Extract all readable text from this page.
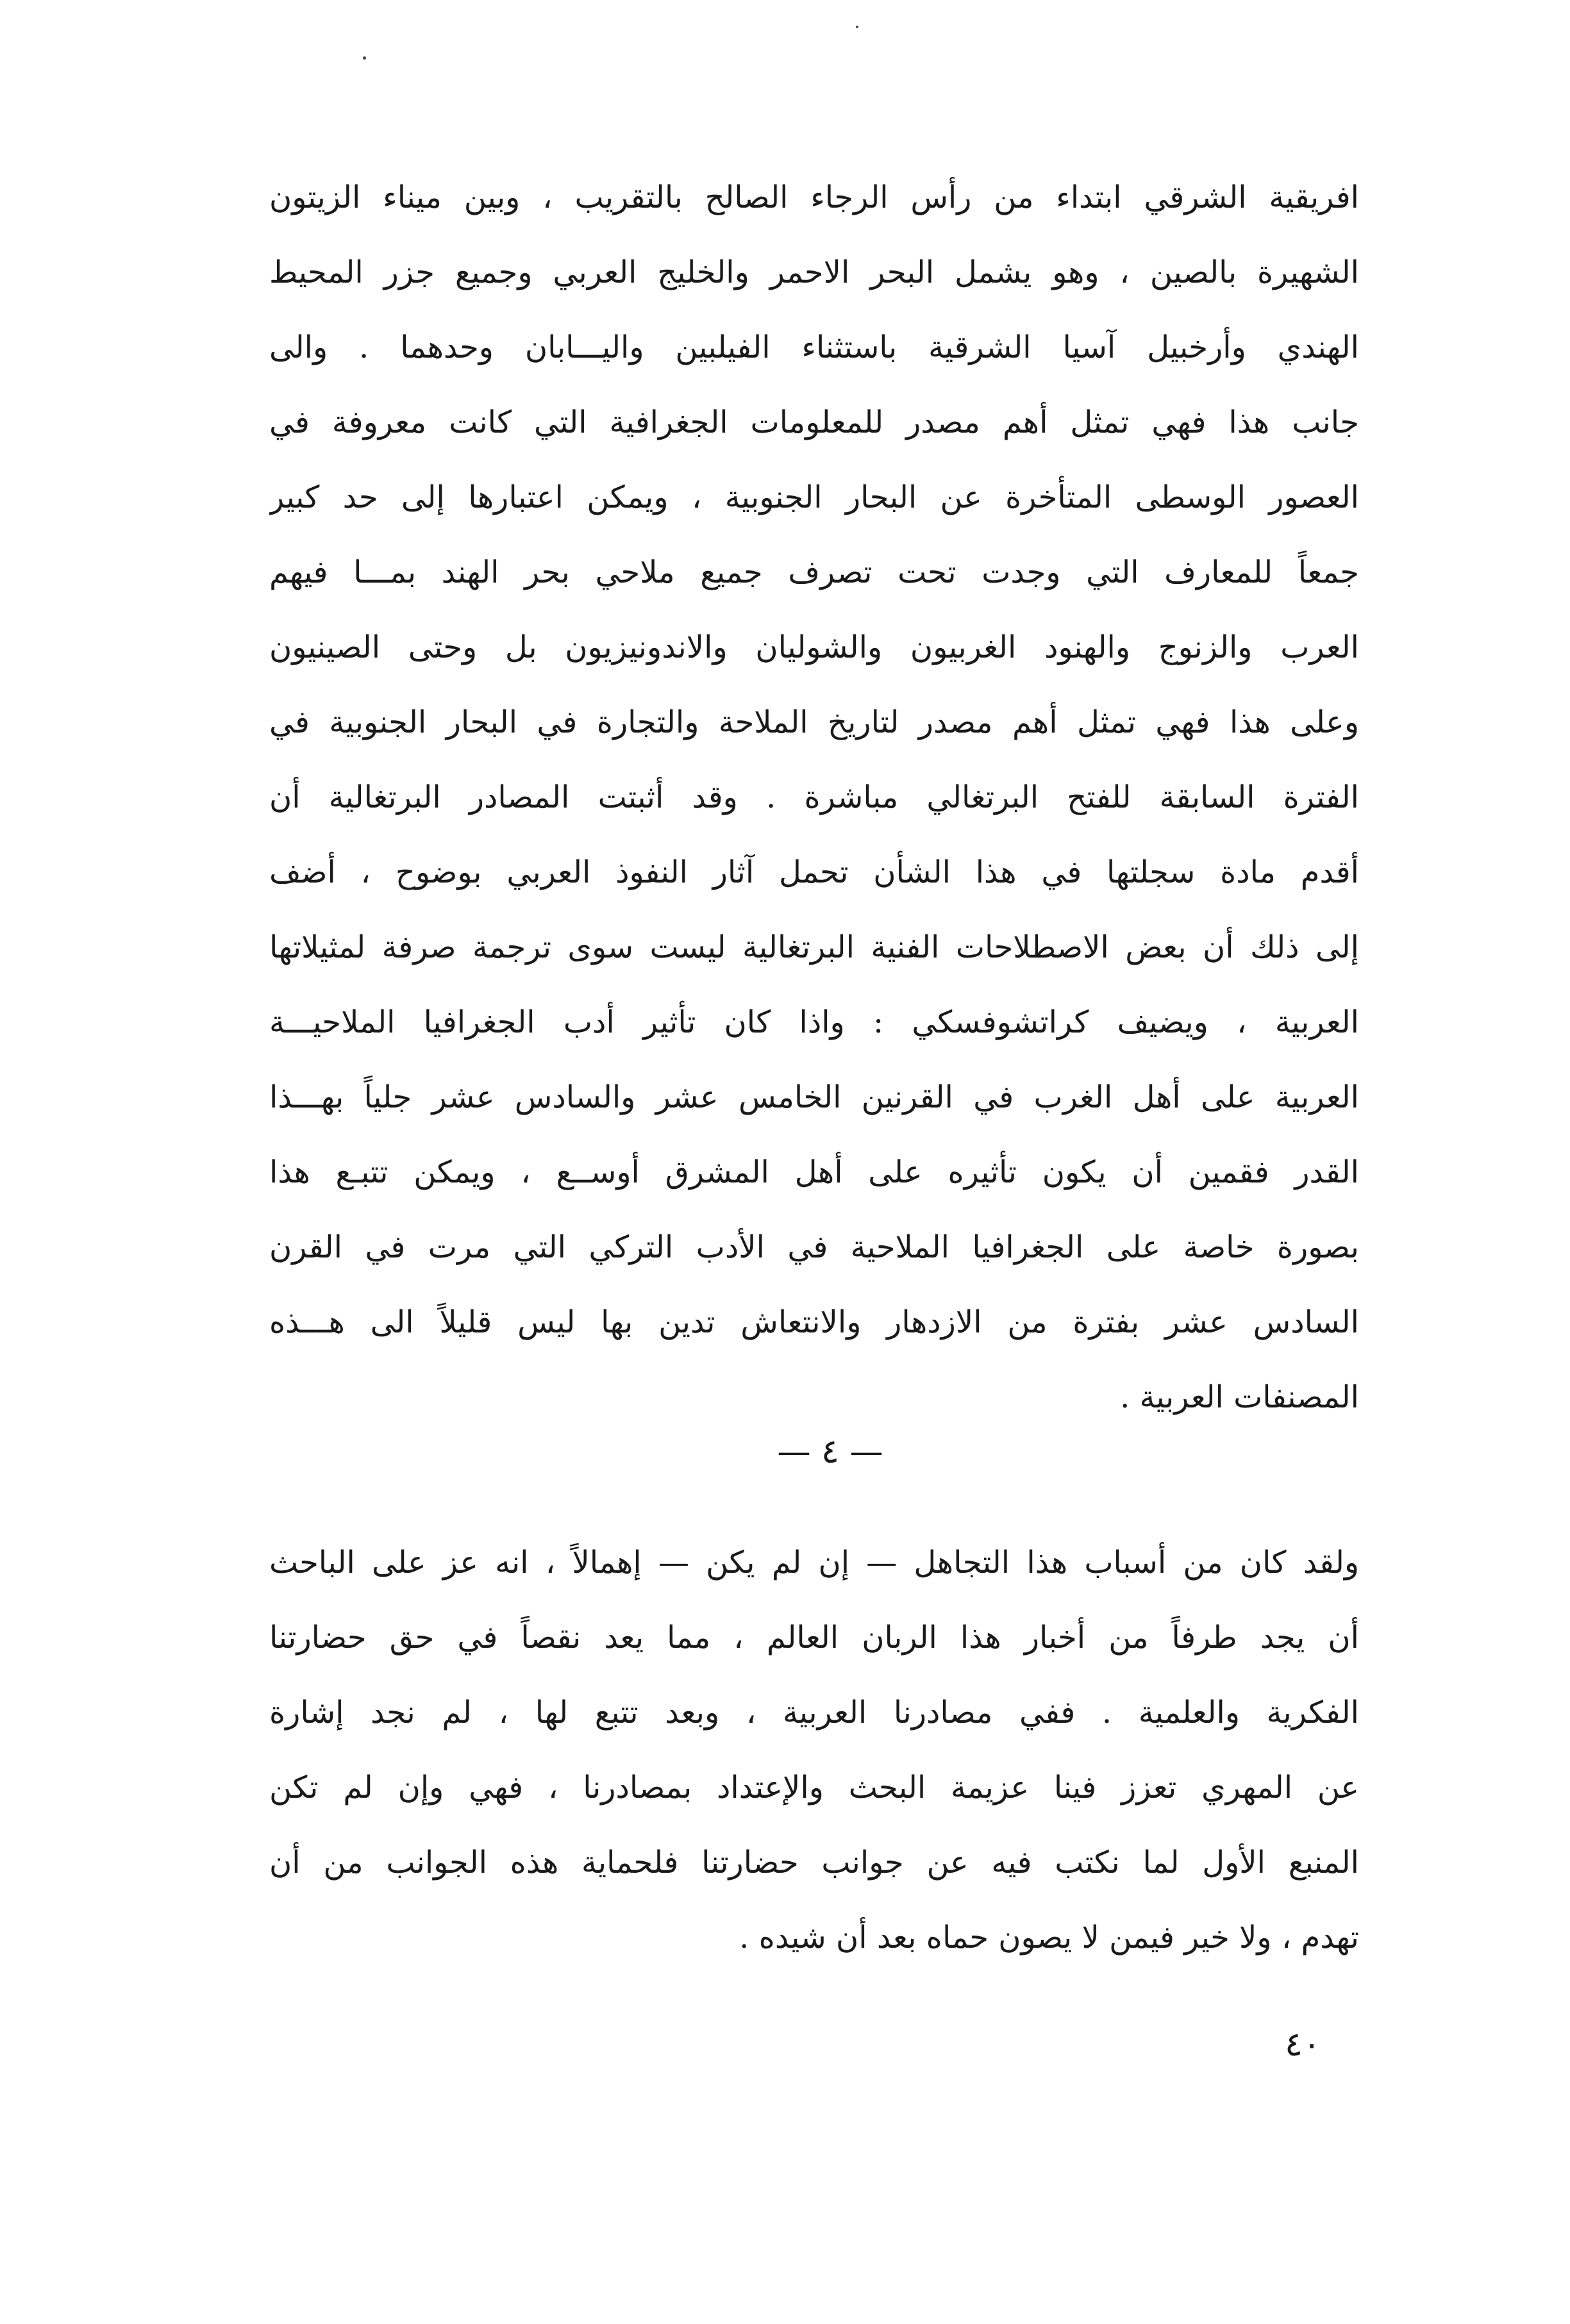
افريقية الشرقي ابتداء من رأس الرجاء الصالح بالتقريب ، وبين ميناء الزيتون
الشهيرة بالصين ، وهو يشمل البحر الاحمر والخليج العربي وجميع جزر المحيط
الهندي وأرخبيل آسيا الشرقية باستثناء الفيلبين واليـــابان وحدهما . والى
جانب هذا فهي تمثل أهم مصدر للمعلومات الجغرافية التي كانت معروفة في
العصور الوسطى المتأخرة عن البحار الجنوبية ، ويمكن اعتبارها إلى حد كبير
جمعاً للمعارف التي وجدت تحت تصرف جميع ملاحي بحر الهند بمـــا فيهم
العرب والزنوج والهنود الغربيون والشوليان والاندونيزيون بل وحتى الصينيون
وعلى هذا فهي تمثل أهم مصدر لتاريخ الملاحة والتجارة في البحار الجنوبية في
الفترة السابقة للفتح البرتغالي مباشرة . وقد أثبتت المصادر البرتغالية أن
أقدم مادة سجلتها في هذا الشأن تحمل آثار النفوذ العربي بوضوح ، أضف
إلى ذلك أن بعض الاصطلاحات الفنية البرتغالية ليست سوى ترجمة صرفة لمثيلاتها
العربية ، ويضيف كراتشوفسكي : واذا كان تأثير أدب الجغرافيا الملاحيـــة
العربية على أهل الغرب في القرنين الخامس عشر والسادس عشر جلياً بهـــذا
القدر فقمين أن يكون تأثيره على أهل المشرق أوســع ، ويمكن تتبـع هذا
بصورة خاصة على الجغرافيا الملاحية في الأدب التركي التي مرت في القرن
السادس عشر بفترة من الازدهار والانتعاش تدين بها ليس قليلاً الى هـــذه
المصنفات العربية .
— ٤ —
ولقد كان من أسباب هذا التجاهل — إن لم يكن — إهمالاً ، انه عز على الباحث
أن يجد طرفاً من أخبار هذا الربان العالم ، مما يعد نقصاً في حق حضارتنا
الفكرية والعلمية . ففي مصادرنا العربية ، وبعد تتبع لها ، لم نجد إشارة
عن المهري تعزز فينا عزيمة البحث والإعتداد بمصادرنا ، فهي وإن لم تكن
المنبع الأول لما نكتب فيه عن جوانب حضارتنا فلحماية هذه الجوانب من أن
تهدم ، ولا خير فيمن لا يصون حماه بعد أن شيده .
٤٠
